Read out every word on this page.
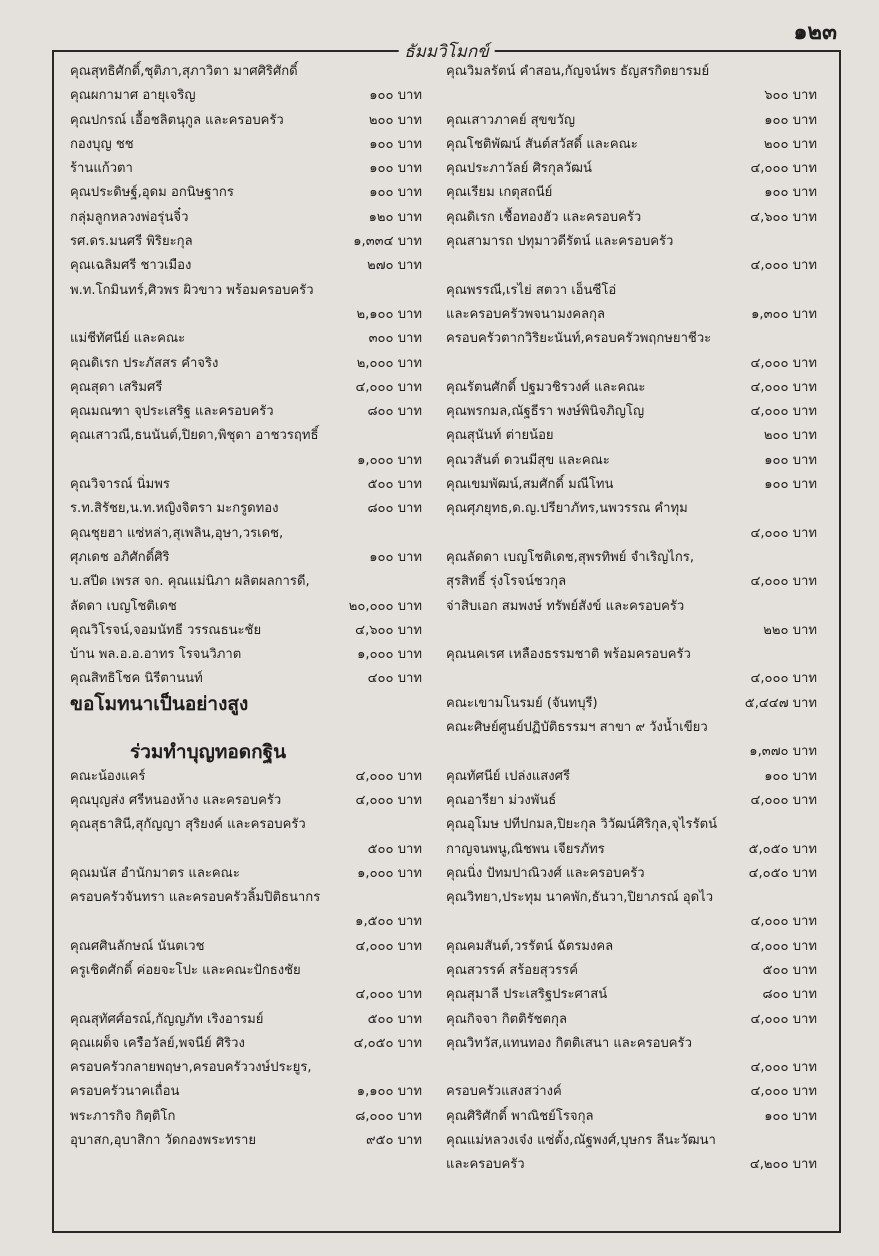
๑๒๓
ธัมมวิโมกข์
คุณสุทธิศักดิ์,ชุติภา,สุภาวิตา มาศศิริศักดิ์
คุณผกามาศ อายุเจริญ	๑๐๐ บาท
คุณปกรณ์ เอื้อชลิตนุกูล และครอบครัว	๒๐๐ บาท
กองบุญ ชช	๑๐๐ บาท
ร้านแก้วตา	๑๐๐ บาท
คุณประดิษฐ์,อุดม อกนิษฐากร	๑๐๐ บาท
กลุ่มลูกหลวงพ่อรุ่นจิ๋ว	๑๒๐ บาท
รศ.ดร.มนศรี พิริยะกุล	๑,๓๓๔ บาท
คุณเฉลิมศรี ชาวเมือง	๒๗๐ บาท
พ.ท.โกมินทร์,ศิวพร ผิวขาว พร้อมครอบครัว
๒,๑๐๐ บาท
แม่ชีทัศนีย์ และคณะ	๓๐๐ บาท
คุณดิเรก ประภัสสร คำจริง	๒,๐๐๐ บาท
คุณสุดา เสริมศรี	๔,๐๐๐ บาท
คุณมณฑา จุประเสริฐ และครอบครัว	๘๐๐ บาท
คุณเสาวณี,ธนนันต์,ปิยดา,พิชุดา อาชวรฤทธิ์
๑,๐๐๐ บาท
คุณวิจารณ์ นิ่มพร	๕๐๐ บาท
ร.ท.สิรัชย,น.ท.หญิงจิตรา มะกรูดทอง	๘๐๐ บาท
คุณชุยฮา แซ่หล่า,สุเพลิน,อุษา,วรเดช,
ศุภเดช อภิศักดิ์ศิริ	๑๐๐ บาท
บ.สปีด เพรส จก. คุณแม่นิภา ผลิตผลการดี,
ลัดดา เบญโชติเดช	๒๐,๐๐๐ บาท
คุณวิโรจน์,จอมนัทธี วรรณธนะชัย	๔,๖๐๐ บาท
บ้าน พล.อ.อ.อาทร โรจนวิภาต	๑,๐๐๐ บาท
คุณสิทธิโชค นิรีตานนท์	๔๐๐ บาท
ขอโมทนาเป็นอย่างสูง
ร่วมทำบุญทอดกฐิน
คณะน้องแคร์	๔,๐๐๐ บาท
คุณบุญส่ง ศรีหนองห้าง และครอบครัว	๔,๐๐๐ บาท
คุณสุธาสินี,สุกัญญา สุริยงค์ และครอบครัว
๕๐๐ บาท
คุณมนัส อำนักมาตร และคณะ	๑,๐๐๐ บาท
ครอบครัวจันทรา และครอบครัวลิ้มปิติธนากร
๑,๕๐๐ บาท
คุณศศินลักษณ์ นันตเวช	๔,๐๐๐ บาท
ครูเชิดศักดิ์ ค่อยจะโปะ และคณะปักธงชัย
๔,๐๐๐ บาท
คุณสุทัศศ์อรณ์,กัญญภัท เริงอารมย์	๕๐๐ บาท
คุณเผด็จ เครือวัลย์,พจนีย์ ศิริวง	๔,๐๕๐ บาท
ครอบครัวกลายพฤษา,ครอบครัววงษ์ประยูร,
ครอบครัวนาคเถื่อน	๑,๑๐๐ บาท
พระภารกิจ กิตฺติโก	๘,๐๐๐ บาท
อุบาสก,อุบาสิกา วัดกองพระทราย	๙๕๐ บาท
คุณวิมลรัตน์ คำสอน,กัญจน์พร ธัญสรกิตยารมย์
๖๐๐ บาท
คุณเสาวภาคย์ สุขขวัญ	๑๐๐ บาท
คุณโชติพัฒน์ สันต์สวัสดิ์ และคณะ	๒๐๐ บาท
คุณประภาวัลย์ ศิรกุลวัฒน์	๔,๐๐๐ บาท
คุณเรียม เกตุสถนีย์	๑๐๐ บาท
คุณดิเรก เชื้อทองฮัว และครอบครัว	๔,๖๐๐ บาท
คุณสามารถ ปทุมาวดีรัตน์ และครอบครัว
๔,๐๐๐ บาท
คุณพรรณี,เรไย่ สตวา เอ็นซีโอ่
และครอบครัวพจนามงคลกุล	๑,๓๐๐ บาท
ครอบครัวตากวิริยะนันท์,ครอบครัวพฤกษยาชีวะ
๔,๐๐๐ บาท
คุณรัตนศักดิ์ ปฐมวชิรวงศ์ และคณะ	๔,๐๐๐ บาท
คุณพรกมล,ณัฐธีรา พงษ์พินิจภิญโญ	๔,๐๐๐ บาท
คุณสุนันท์ ต่ายน้อย	๒๐๐ บาท
คุณวสันต์ ดวนมีสุข และคณะ	๑๐๐ บาท
คุณเขมพัฒน์,สมศักดิ์ มณีโทน	๑๐๐ บาท
คุณศุภยุทธ,ด.ญ.ปรียาภัทร,นพวรรณ คำทุม
๔,๐๐๐ บาท
คุณลัดดา เบญโชติเดช,สุพรทิพย์ จำเริญไกร,
สุรสิทธิ์ รุ่งโรจน์ชวกุล	๔,๐๐๐ บาท
จ่าสิบเอก สมพงษ์ ทรัพย์สังข์ และครอบครัว
๒๒๐ บาท
คุณนคเรศ เหลืองธรรมชาติ พร้อมครอบครัว
๔,๐๐๐ บาท
คณะเขามโนรมย์ (จันทบุรี)	๕,๔๔๗ บาท
คณะศิษย์ศูนย์ปฏิบัติธรรมฯ สาขา ๙ วังน้ำเขียว
๑,๓๗๐ บาท
คุณทัศนีย์ เปล่งแสงศรี	๑๐๐ บาท
คุณอารียา ม่วงพันธ์	๔,๐๐๐ บาท
คุณอุโมษ ปทีปกมล,ปิยะกุล วิวัฒน์ศิริกุล,จุไรรัตน์
กาญจนพนู,ณิชพน เจียรภัทร	๕,๐๕๐ บาท
คุณนิ่ง ปัทมปาณิวงศ์ และครอบครัว	๔,๐๕๐ บาท
คุณวิทยา,ประทุม นาคพัก,ธันวา,ปิยาภรณ์ อุดไว
๔,๐๐๐ บาท
คุณคมสันต์,วรรัตน์ ฉัตรมงคล	๔,๐๐๐ บาท
คุณสวรรค์ สร้อยสุวรรค์	๕๐๐ บาท
คุณสุมาลี ประเสริฐประศาสน์	๘๐๐ บาท
คุณกิจจา กิตติรัชตกุล	๔,๐๐๐ บาท
คุณวิทวัส,แทนทอง กิตติเสนา และครอบครัว
๔,๐๐๐ บาท
ครอบครัวแสงสว่างค์	๔,๐๐๐ บาท
คุณศิริศักดิ์ พาณิชย์โรจกุล	๑๐๐ บาท
คุณแม่หลวงเจ๋ง แซ่ตั้ง,ณัฐพงศ์,บุษกร ลีนะวัฒนา
และครอบครัว	๔,๒๐๐ บาท
